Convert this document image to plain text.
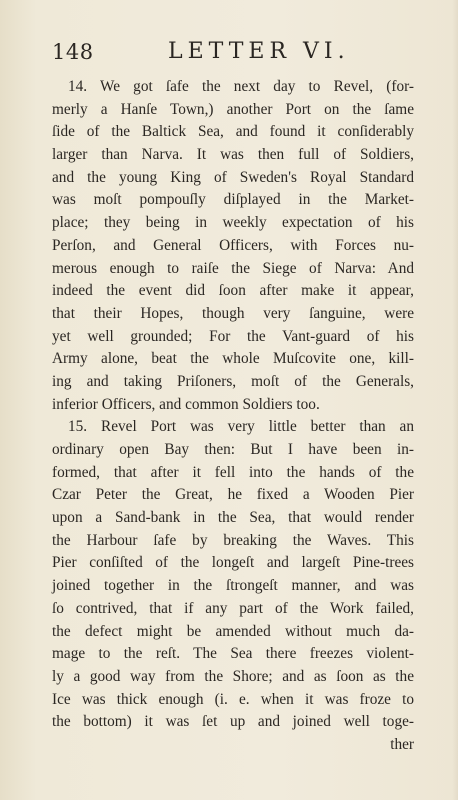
148	LETTER VI.
14. We got ſafe the next day to Revel, (for-
merly a Hanſe Town,) another Port on the ſame
ſide of the Baltick Sea, and found it conſiderably
larger than Narva. It was then full of Soldiers,
and the young King of Sweden's Royal Standard
was moſt pompouſly diſplayed in the Market-
place; they being in weekly expectation of his
Perſon, and General Officers, with Forces nu-
merous enough to raiſe the Siege of Narva: And
indeed the event did ſoon after make it appear,
that their Hopes, though very ſanguine, were
yet well grounded; For the Vant-guard of his
Army alone, beat the whole Muſcovite one, kill-
ing and taking Priſoners, moſt of the Generals,
inferior Officers, and common Soldiers too.
15. Revel Port was very little better than an
ordinary open Bay then: But I have been in-
formed, that after it fell into the hands of the
Czar Peter the Great, he fixed a Wooden Pier
upon a Sand-bank in the Sea, that would render
the Harbour ſafe by breaking the Waves. This
Pier conſiſted of the longeſt and largeſt Pine-trees
joined together in the ſtrongeſt manner, and was
ſo contrived, that if any part of the Work failed,
the defect might be amended without much da-
mage to the reſt. The Sea there freezes violent-
ly a good way from the Shore; and as ſoon as the
Ice was thick enough (i. e. when it was froze to
the bottom) it was ſet up and joined well toge-
ther
